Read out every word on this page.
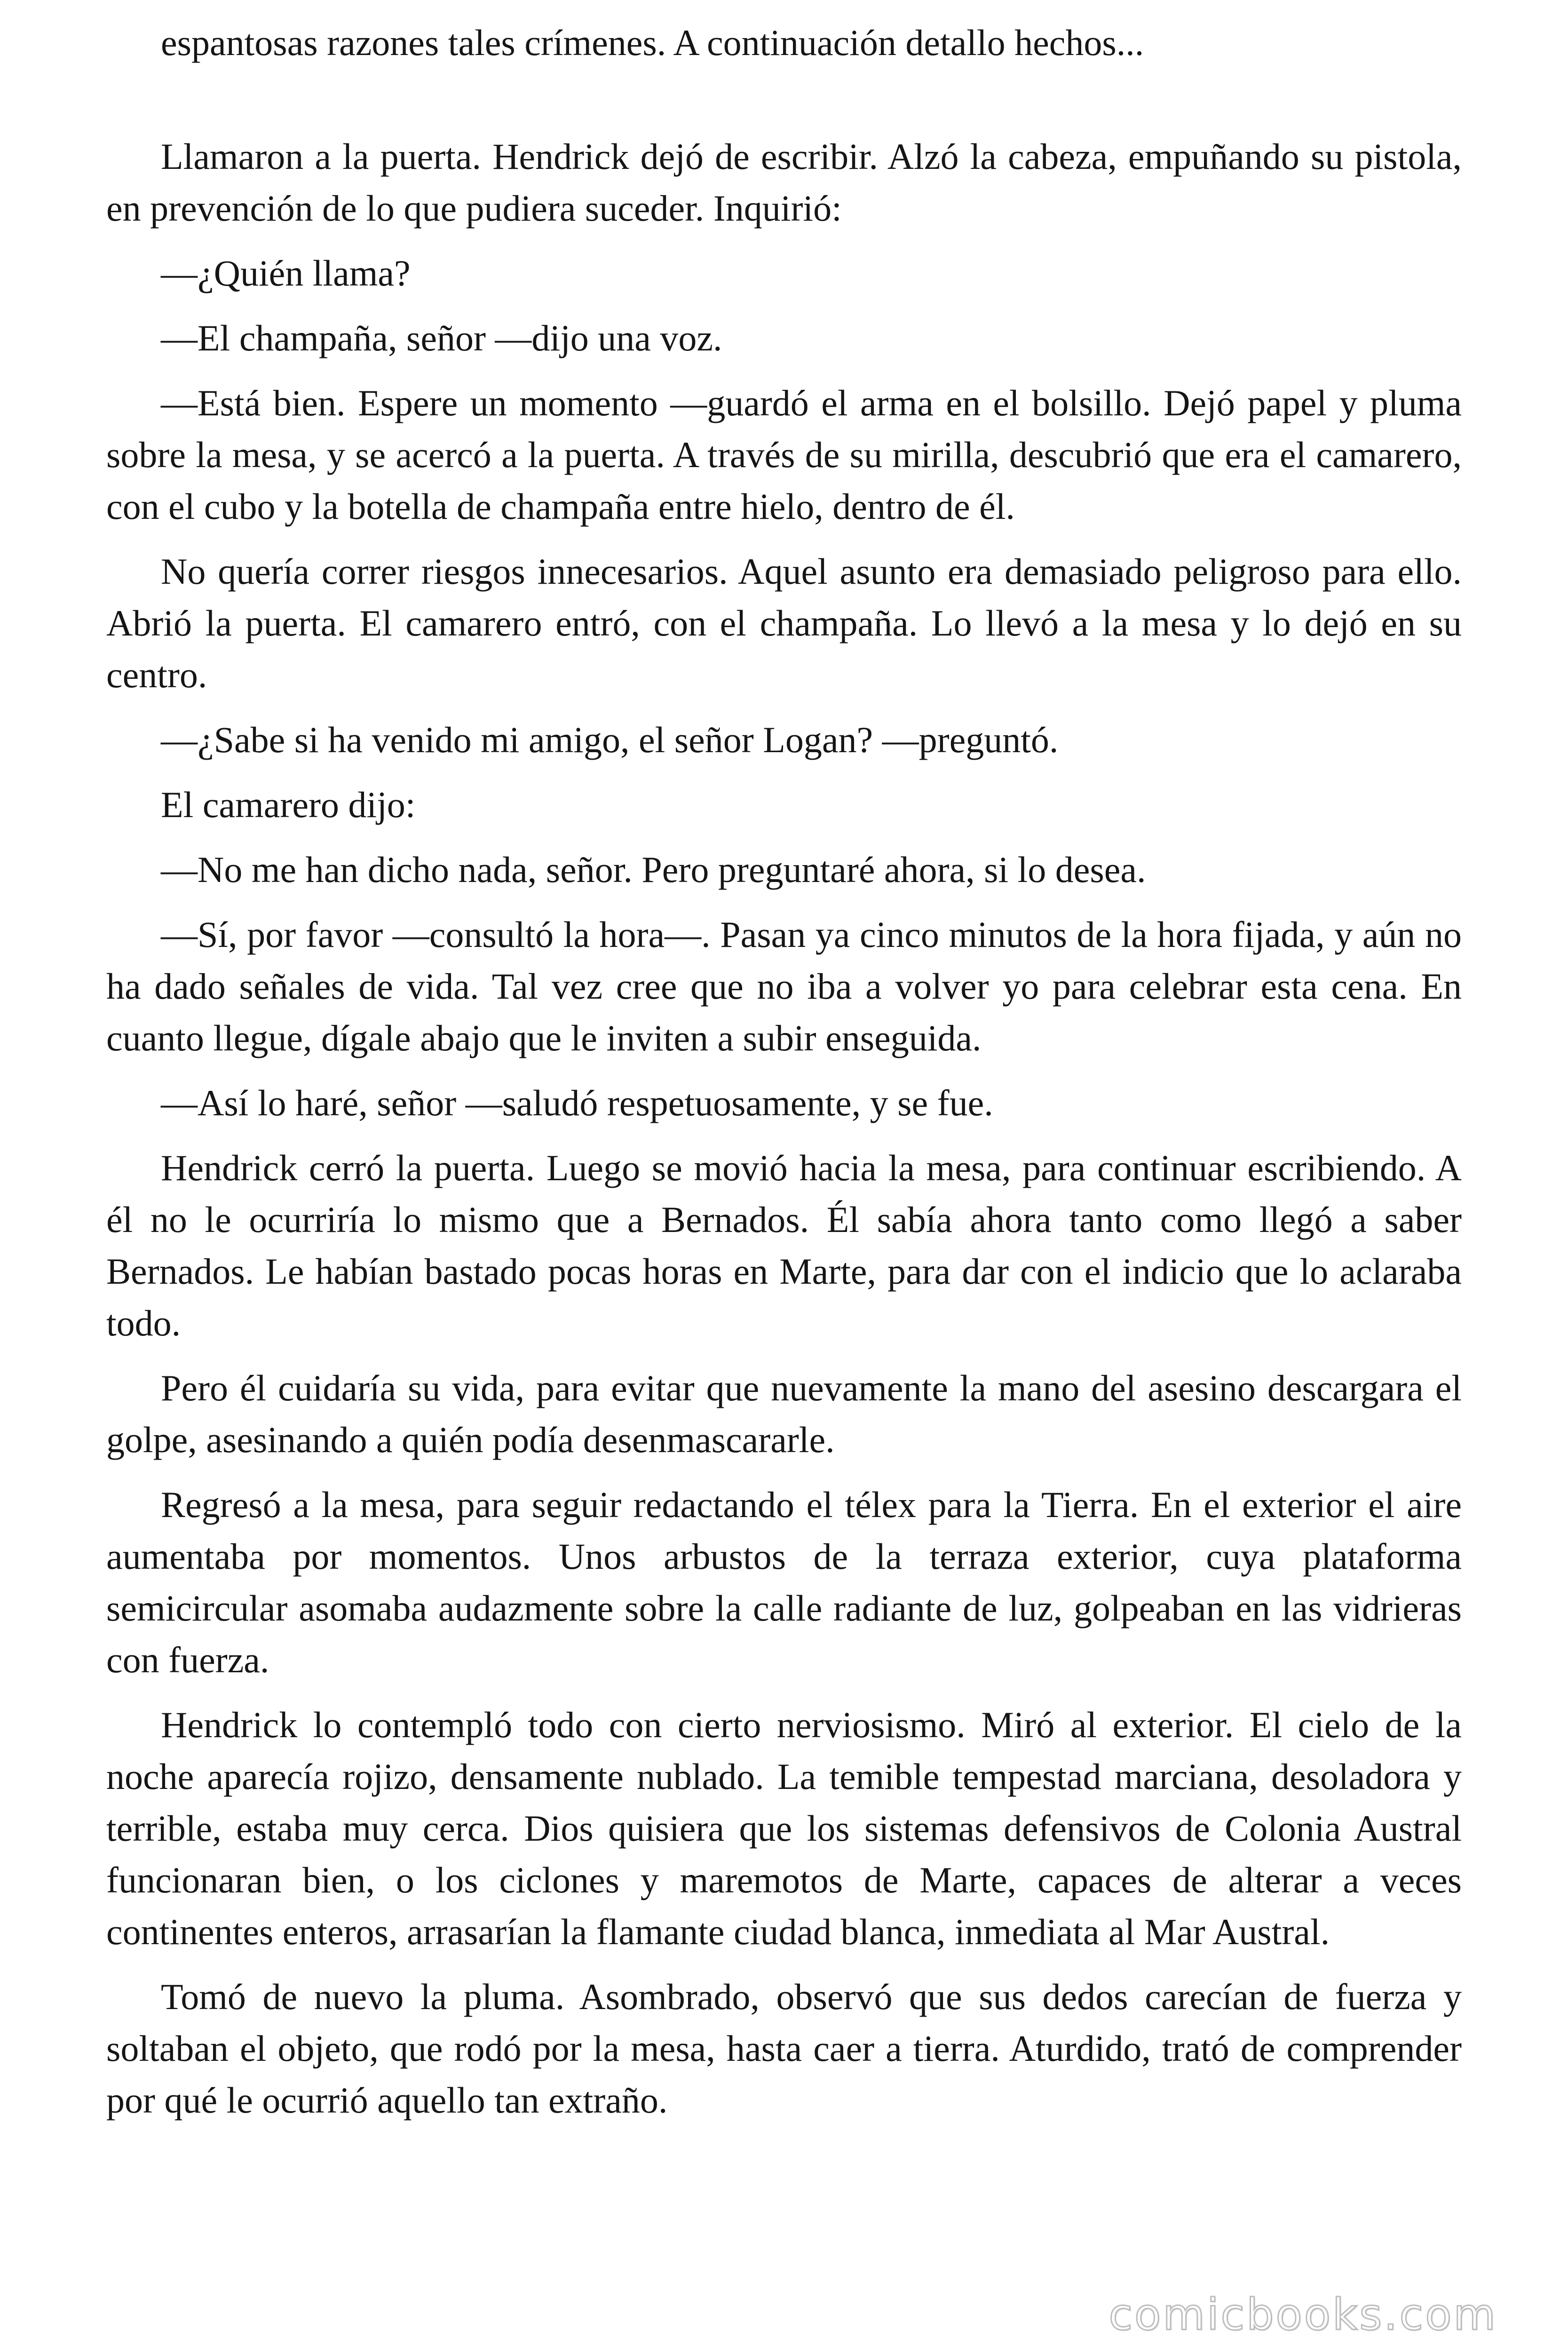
espantosas razones tales crímenes. A continuación detallo hechos...

Llamaron a la puerta. Hendrick dejó de escribir. Alzó la cabeza, empuñando su pistola, en prevención de lo que pudiera suceder. Inquirió:

—¿Quién llama?

—El champaña, señor —dijo una voz.

—Está bien. Espere un momento —guardó el arma en el bolsillo. Dejó papel y pluma sobre la mesa, y se acercó a la puerta. A través de su mirilla, descubrió que era el camarero, con el cubo y la botella de champaña entre hielo, dentro de él.

No quería correr riesgos innecesarios. Aquel asunto era demasiado peligroso para ello. Abrió la puerta. El camarero entró, con el champaña. Lo llevó a la mesa y lo dejó en su centro.

—¿Sabe si ha venido mi amigo, el señor Logan? —preguntó.

El camarero dijo:

—No me han dicho nada, señor. Pero preguntaré ahora, si lo desea.

—Sí, por favor —consultó la hora—. Pasan ya cinco minutos de la hora fijada, y aún no ha dado señales de vida. Tal vez cree que no iba a volver yo para celebrar esta cena. En cuanto llegue, dígale abajo que le inviten a subir enseguida.

—Así lo haré, señor —saludó respetuosamente, y se fue.

Hendrick cerró la puerta. Luego se movió hacia la mesa, para continuar escribiendo. A él no le ocurriría lo mismo que a Bernados. Él sabía ahora tanto como llegó a saber Bernados. Le habían bastado pocas horas en Marte, para dar con el indicio que lo aclaraba todo.

Pero él cuidaría su vida, para evitar que nuevamente la mano del asesino descargara el golpe, asesinando a quién podía desenmascararle.

Regresó a la mesa, para seguir redactando el télex para la Tierra. En el exterior el aire aumentaba por momentos. Unos arbustos de la terraza exterior, cuya plataforma semicircular asomaba audazmente sobre la calle radiante de luz, golpeaban en las vidrieras con fuerza.

Hendrick lo contempló todo con cierto nerviosismo. Miró al exterior. El cielo de la noche aparecía rojizo, densamente nublado. La temible tempestad marciana, desoladora y terrible, estaba muy cerca. Dios quisiera que los sistemas defensivos de Colonia Austral funcionaran bien, o los ciclones y maremotos de Marte, capaces de alterar a veces continentes enteros, arrasarían la flamante ciudad blanca, inmediata al Mar Austral.

Tomó de nuevo la pluma. Asombrado, observó que sus dedos carecían de fuerza y soltaban el objeto, que rodó por la mesa, hasta caer a tierra. Aturdido, trató de comprender por qué le ocurrió aquello tan extraño.

comicbooks.com
